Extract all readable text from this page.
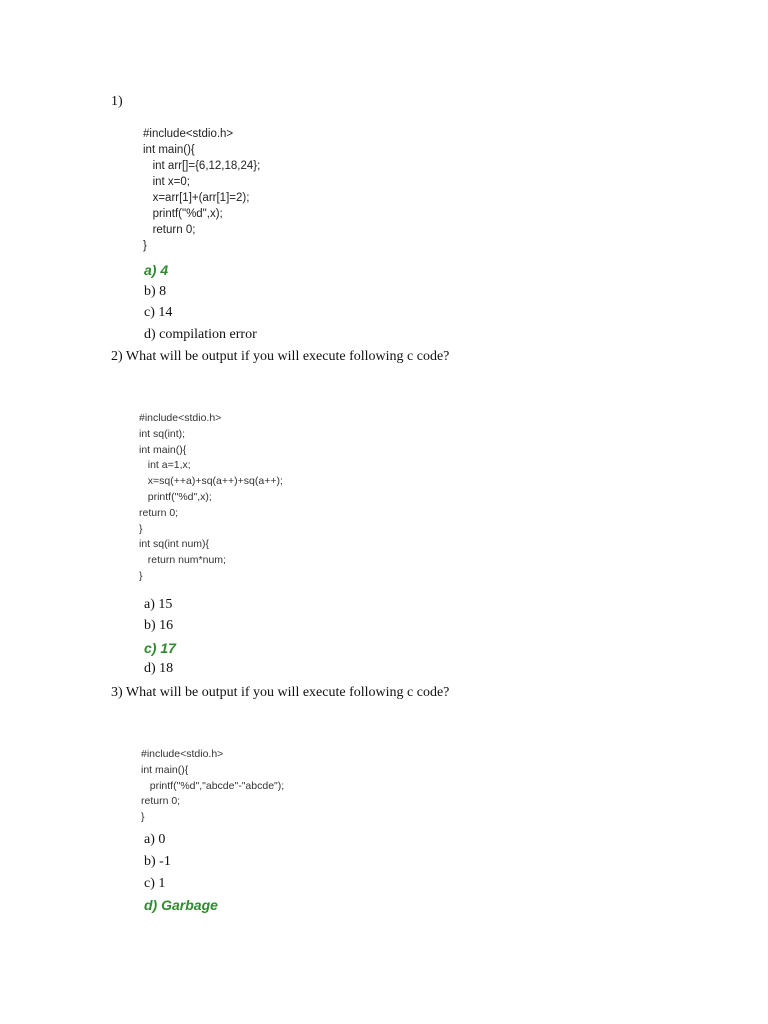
1)
#include<stdio.h>
int main(){
int arr[]={6,12,18,24};
int x=0;
x=arr[1]+(arr[1]=2);
printf("%d",x);
return 0;
}
a) 4
b) 8
c) 14
d) compilation error
2) What will be output if you will execute following c code?
#include<stdio.h>
int sq(int);
int main(){
int a=1,x;
x=sq(++a)+sq(a++)+sq(a++);
printf("%d",x);
return 0;
}
int sq(int num){
return num*num;
}
a) 15
b) 16
c) 17
d) 18
3) What will be output if you will execute following c code?
#include<stdio.h>
int main(){
printf("%d","abcde"-"abcde");
return 0;
}
a) 0
b) -1
c) 1
d) Garbage
